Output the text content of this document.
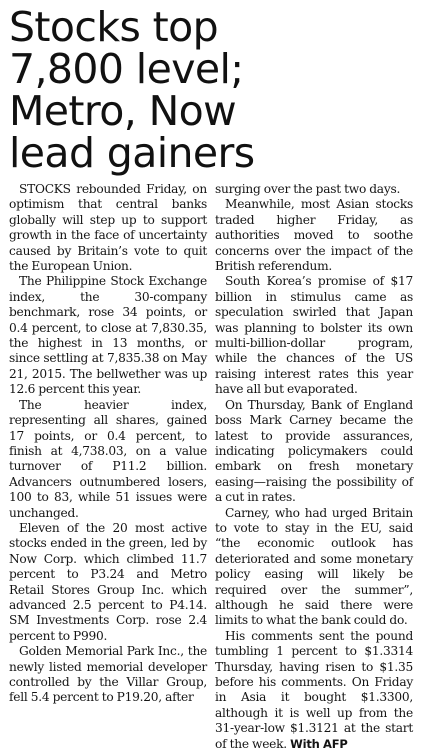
Stocks top
7,800 level;
Metro, Now
lead gainers

STOCKS rebounded Friday, on optimism that central banks globally will step up to support growth in the face of uncertainty caused by Britain’s vote to quit the European Union.

The Philippine Stock Exchange index, the 30-company benchmark, rose 34 points, or 0.4 percent, to close at 7,830.35, the highest in 13 months, or since settling at 7,835.38 on May 21, 2015. The bellwether was up 12.6 percent this year.

The heavier index, representing all shares, gained 17 points, or 0.4 percent, to finish at 4,738.03, on a value turnover of P11.2 billion. Advancers outnumbered losers, 100 to 83, while 51 issues were unchanged.

Eleven of the 20 most active stocks ended in the green, led by Now Corp. which climbed 11.7 percent to P3.24 and Metro Retail Stores Group Inc. which advanced 2.5 percent to P4.14. SM Investments Corp. rose 2.4 percent to P990.

Golden Memorial Park Inc., the newly listed memorial developer controlled by the Villar Group, fell 5.4 percent to P19.20, after

surging over the past two days.

Meanwhile, most Asian stocks traded higher Friday, as authorities moved to soothe concerns over the impact of the British referendum.

South Korea’s promise of $17 billion in stimulus came as speculation swirled that Japan was planning to bolster its own multi-billion-dollar program, while the chances of the US raising interest rates this year have all but evaporated.

On Thursday, Bank of England boss Mark Carney became the latest to provide assurances, indicating policymakers could embark on fresh monetary easing—raising the possibility of a cut in rates.

Carney, who had urged Britain to vote to stay in the EU, said “the economic outlook has deteriorated and some monetary policy easing will likely be required over the summer”, although he said there were limits to what the bank could do.

His comments sent the pound tumbling 1 percent to $1.3314 Thursday, having risen to $1.35 before his comments. On Friday in Asia it bought $1.3300, although it is well up from the 31-year-low $1.3121 at the start of the week. With AFP
